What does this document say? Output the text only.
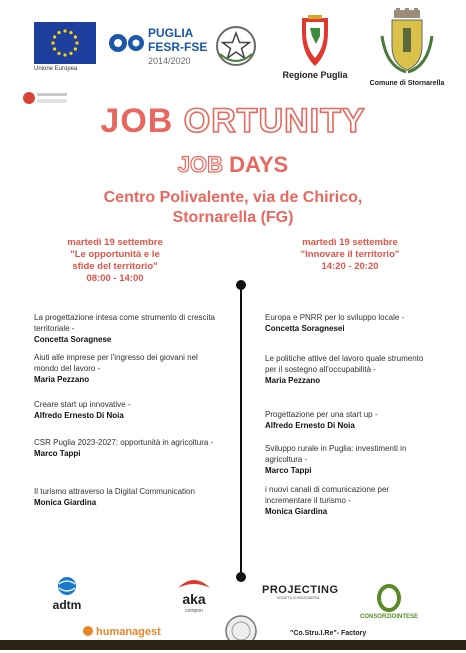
Unione Europea
PUGLIA
FESR-FSE
2014/2020
Regione Puglia
Comune di Stornarella
JOB ORTUNITY
JOB DAYS
Centro Polivalente, via de Chirico,
Stornarella (FG)
martedì 19 settembre
"Le opportunità e le
sfide del territorio"
08:00 - 14:00
martedì 19 settembre
"Innovare il territorio"
14:20 - 20:20
La progettazione intesa come strumento di crescita territoriale -
Concetta Soragnese
Aiuti alle imprese per l'ingresso dei giovani nel mondo del lavoro -
Maria Pezzano
Creare start up innovative -
Alfredo Ernesto Di Noia
CSR Puglia 2023-2027: opportunità in agricoltura -
Marco Tappi
Il turismo attraverso la Digital Communication
Monica Giardina
Europa e PNRR per lo sviluppo locale -
Concetta Soragnesei
Le politiche attive del lavoro quale strumento per il sostegno all'occupabilità -
Maria Pezzano
Progettazione per una start up -
Alfredo Ernesto Di Noia
Sviluppo rurale in Puglia: investimenti in agricoltura -
Marco Tappi
i nuovi canali di comunicazione per incrementare il turismo -
Monica Giardina
adtm	aka
compon
PROJECTING
SOCIETÀ DI INGEGNERIA
CONSORZIOINTESE
humanagest	"Co.Stru.I.Re"- Factory
